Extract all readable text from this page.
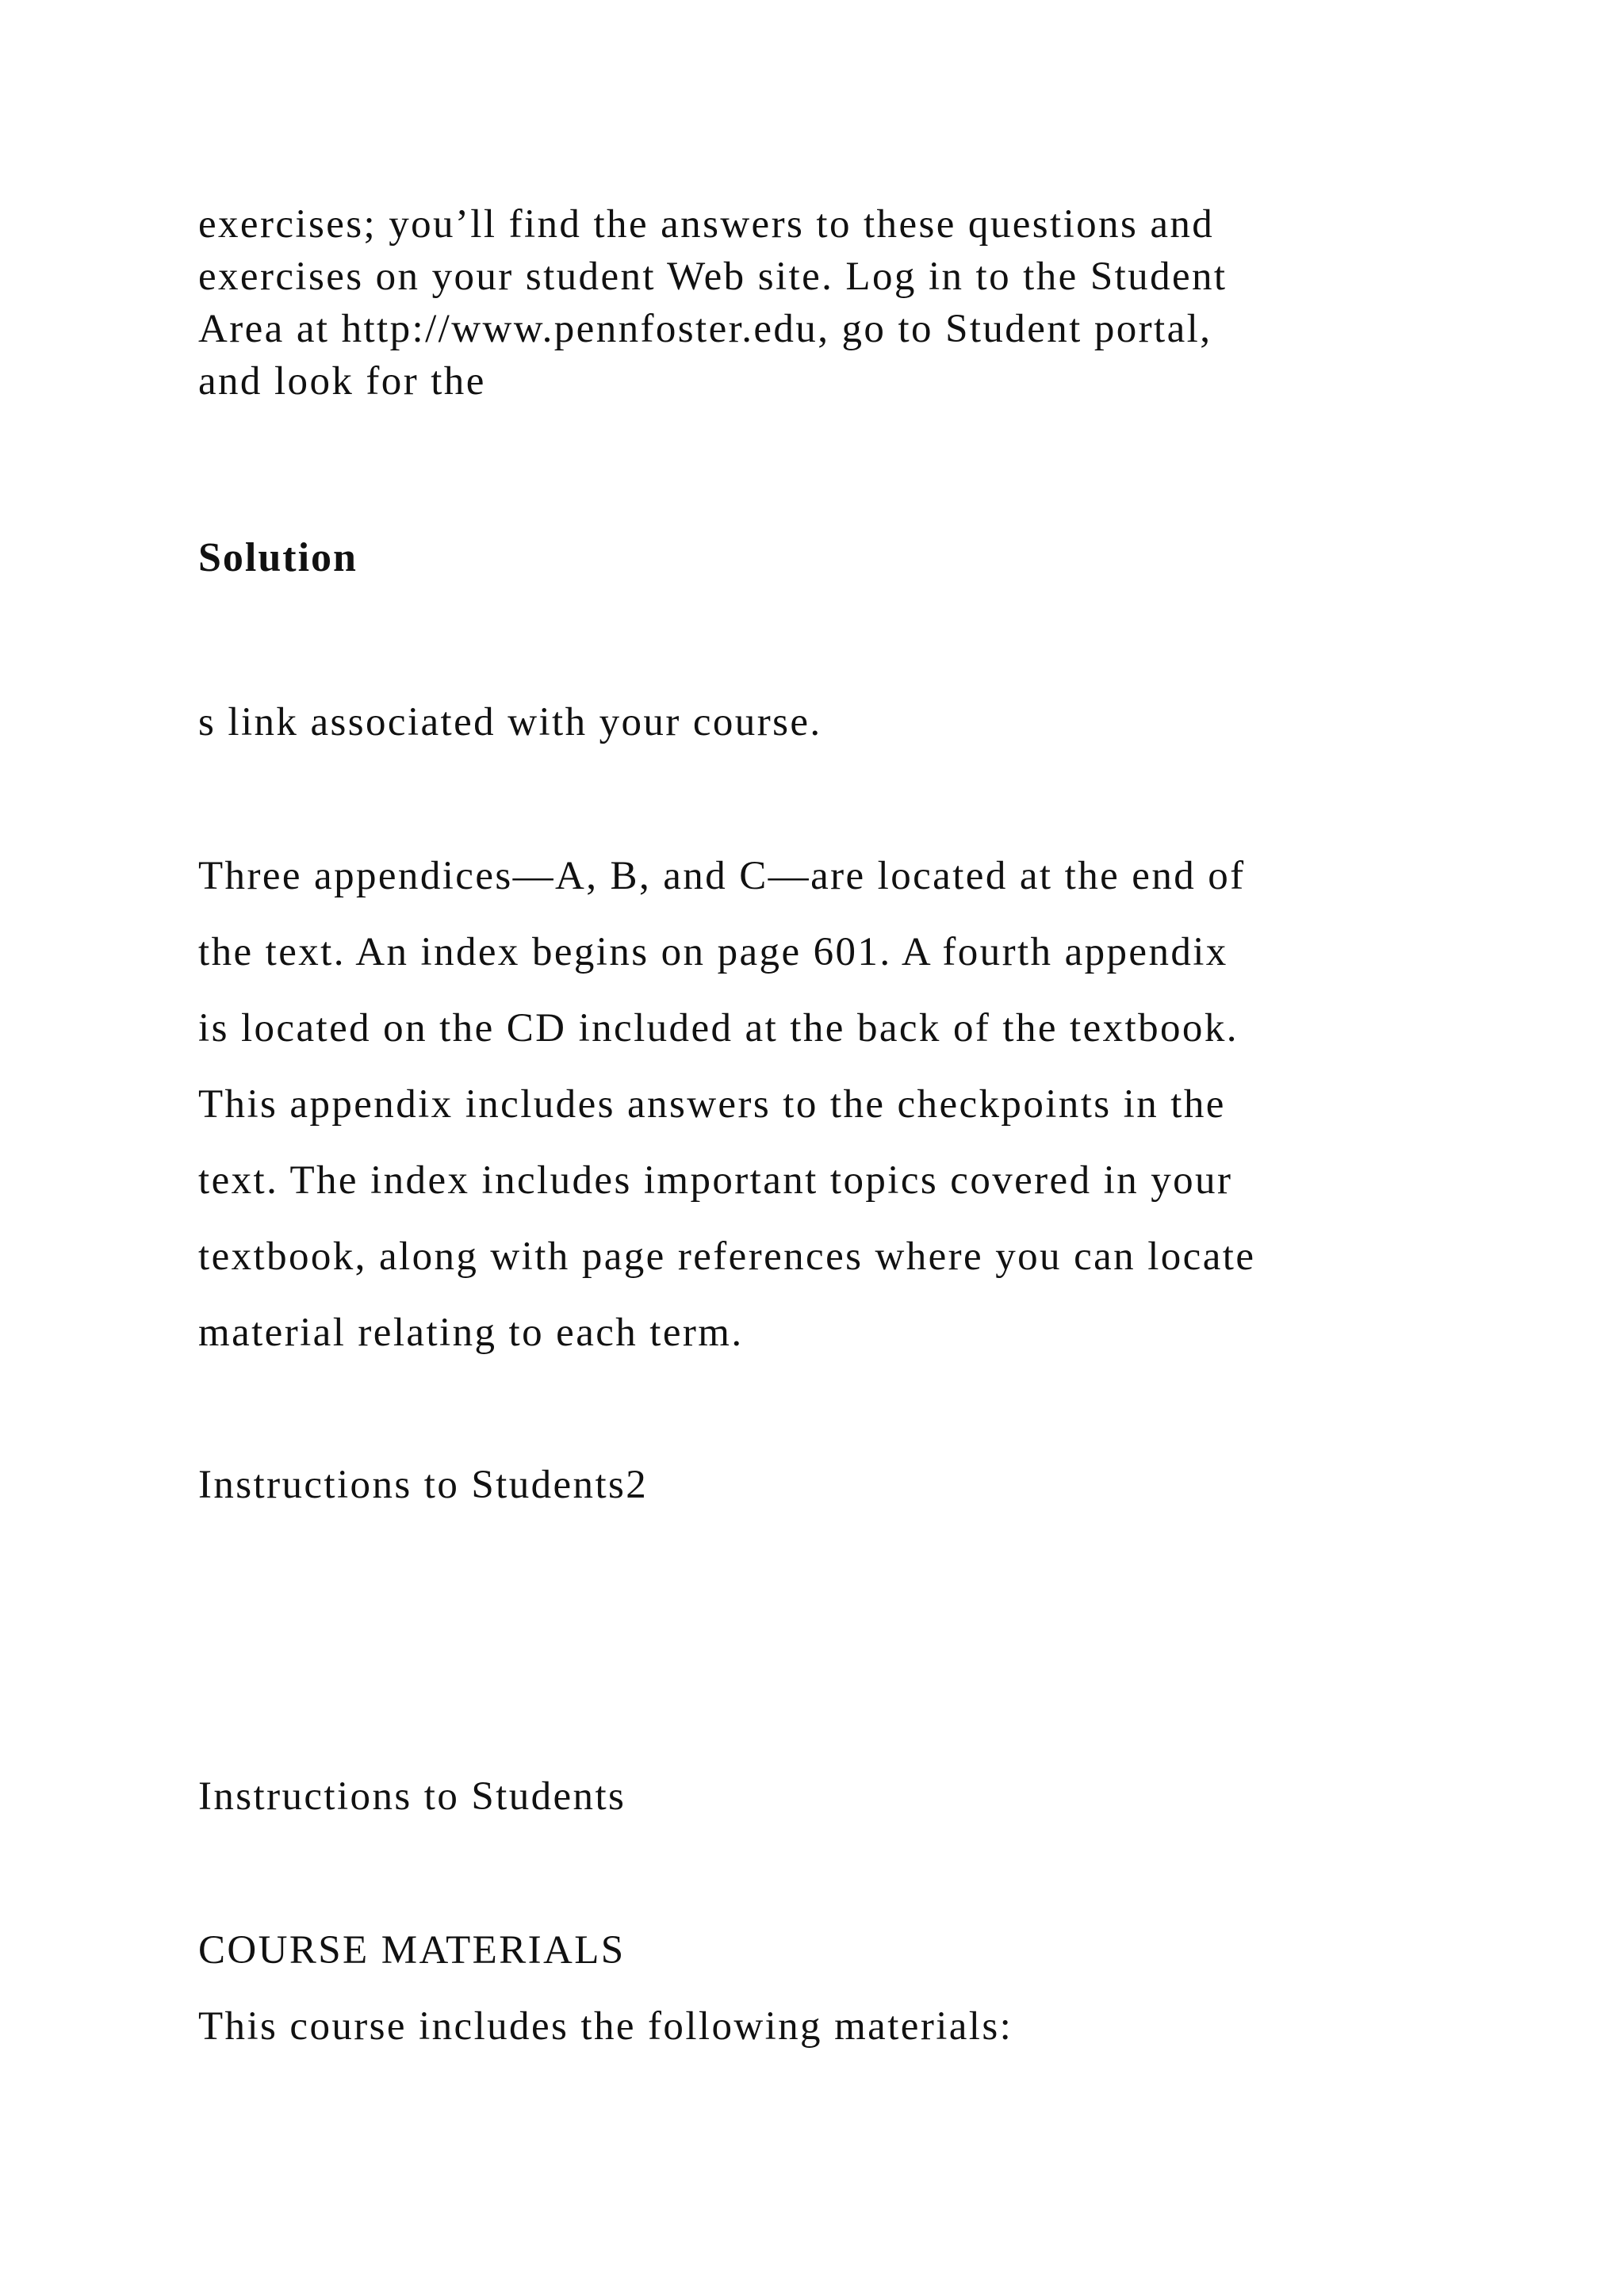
exercises; you’ll find the answers to these questions and
exercises on your student Web site. Log in to the Student
Area at http://www.pennfoster.edu, go to Student portal,
and look for the
Solution
s link associated with your course.
Three appendices—A, B, and C—are located at the end of
the text. An index begins on page 601. A fourth appendix
is located on the CD included at the back of the textbook.
This appendix includes answers to the checkpoints in the
text. The index includes important topics covered in your
textbook, along with page references where you can locate
material relating to each term.
Instructions to Students2
Instructions to Students
COURSE MATERIALS
This course includes the following materials:
